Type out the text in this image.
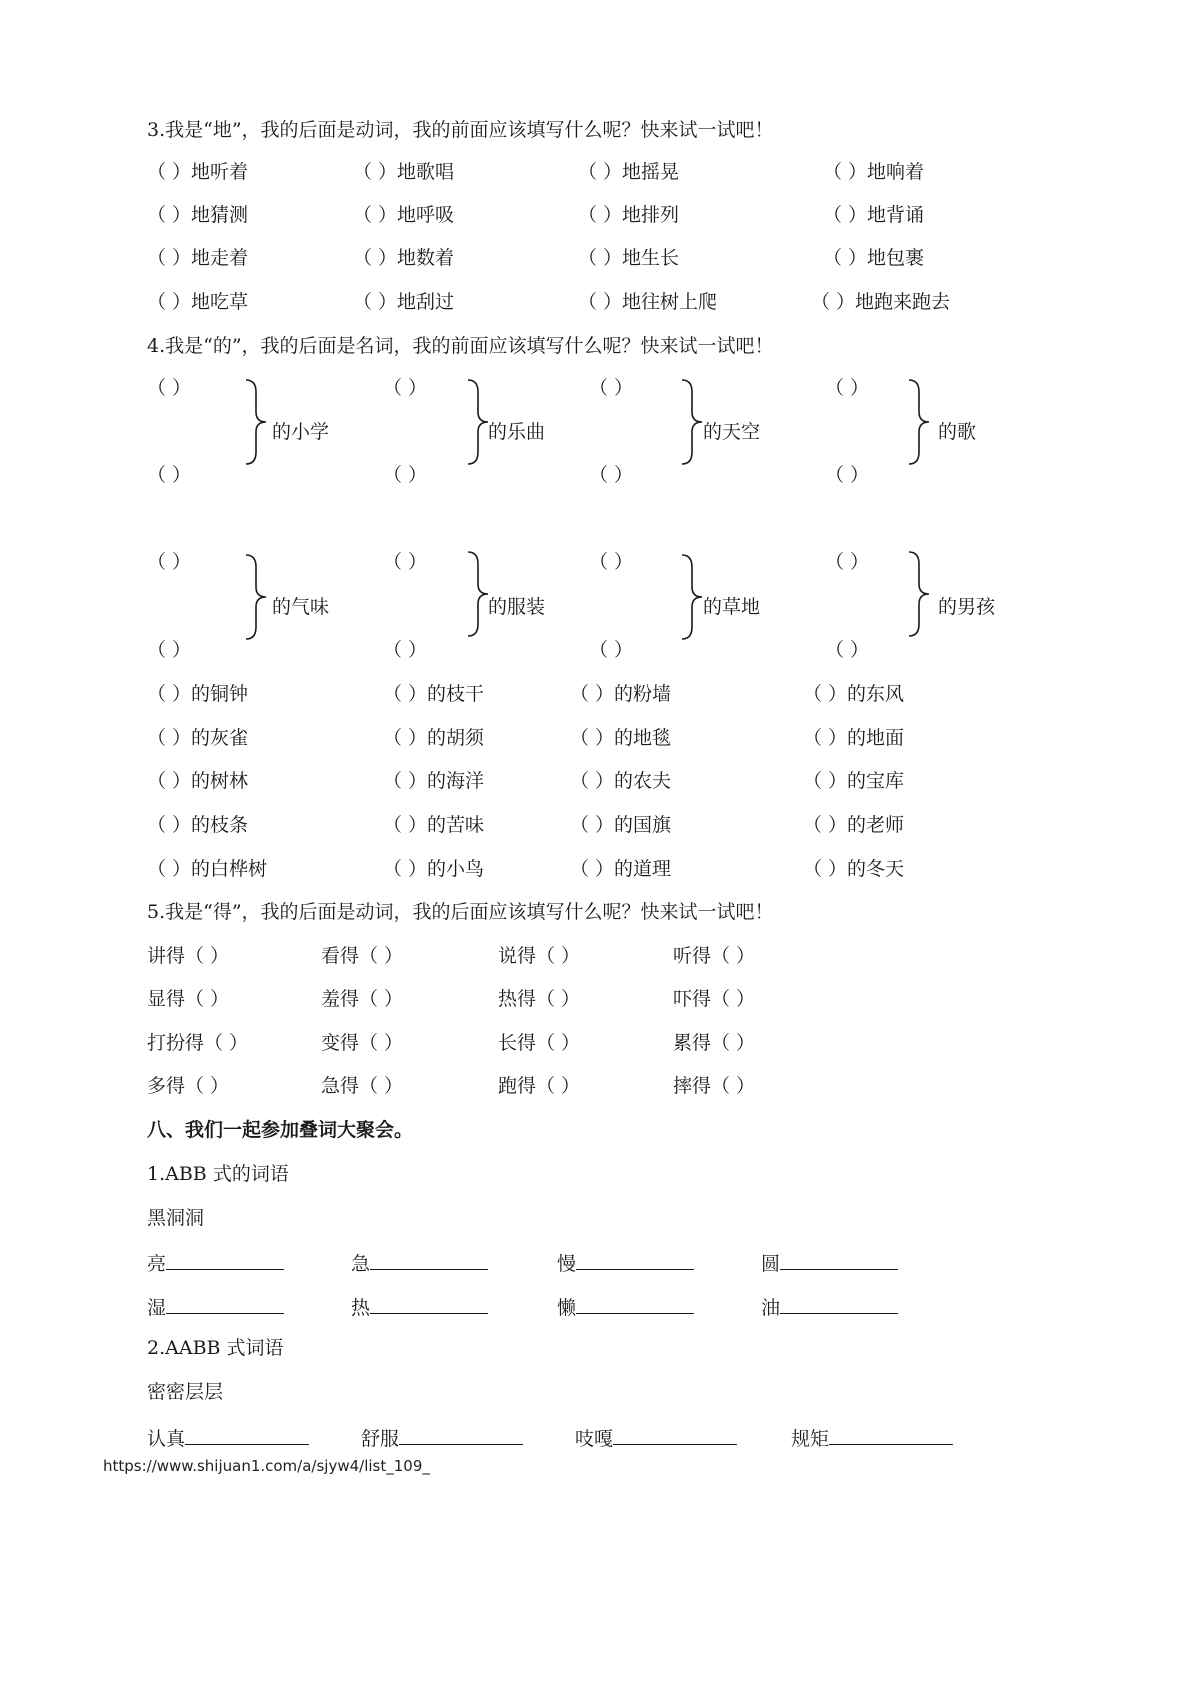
3.我是“地”，我的后面是动词，我的前面应该填写什么呢？快来试一试吧！
（ ）地听着	（ ）地歌唱	（ ）地摇晃	（ ）地响着
（ ）地猜测	（ ）地呼吸	（ ）地排列	（ ）地背诵
（ ）地走着	（ ）地数着	（ ）地生长	（ ）地包裹
（ ）地吃草	（ ）地刮过	（ ）地往树上爬	（ ）地跑来跑去
4.我是“的”，我的后面是名词，我的前面应该填写什么呢？快来试一试吧！
（ ）
（ ）
的小学
（ ）
（ ）
的乐曲
（ ）
（ ）
的天空
（ ）
（ ）
的歌
（ ）
（ ）
的气味
（ ）
（ ）
的服装
（ ）
（ ）
的草地
（ ）
（ ）
的男孩
（ ）的铜钟	（ ）的枝干	（ ）的粉墙	（ ）的东风
（ ）的灰雀	（ ）的胡须	（ ）的地毯	（ ）的地面
（ ）的树林	（ ）的海洋	（ ）的农夫	（ ）的宝库
（ ）的枝条	（ ）的苦味	（ ）的国旗	（ ）的老师
（ ）的白桦树	（ ）的小鸟	（ ）的道理	（ ）的冬天
5.我是“得”，我的后面是动词，我的后面应该填写什么呢？快来试一试吧！
讲得（ ）	看得（ ）	说得（ ）	听得（ ）
显得（ ）	羞得（ ）	热得（ ）	吓得（ ）
打扮得（ ）	变得（ ）	长得（ ）	累得（ ）
多得（ ）	急得（ ）	跑得（ ）	摔得（ ）
八、我们一起参加叠词大聚会。
1.ABB 式的词语
黑洞洞
亮	急	慢	圆
湿	热	懒	油
2.AABB 式词语
密密层层
认真	舒服	吱嘎	规矩
https://www.shijuan1.com/a/sjyw4/list_109_
